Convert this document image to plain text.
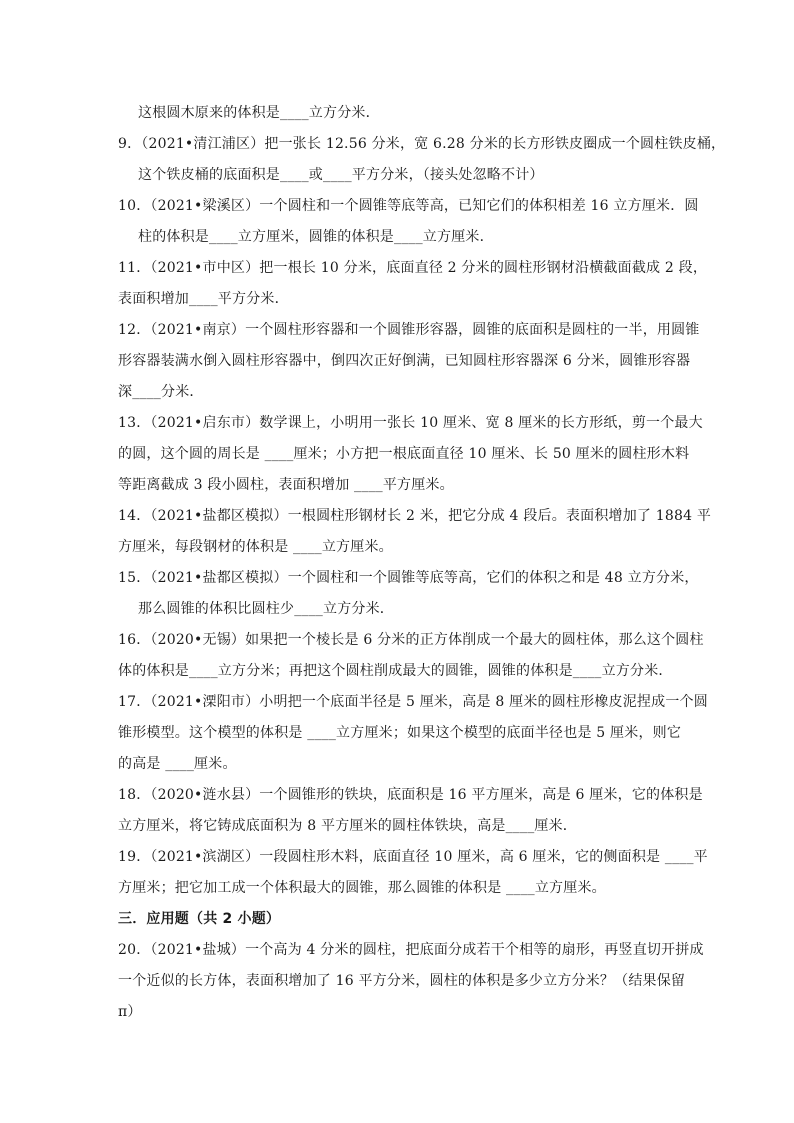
这根圆木原来的体积是____立方分米．
9．（2021•清江浦区）把一张长 12.56 分米，宽 6.28 分米的长方形铁皮圈成一个圆柱铁皮桶，
这个铁皮桶的底面积是____或____平方分米，（接头处忽略不计）
10．（2021•梁溪区）一个圆柱和一个圆锥等底等高，已知它们的体积相差 16 立方厘米．圆
柱的体积是____立方厘米，圆锥的体积是____立方厘米．
11．（2021•市中区）把一根长 10 分米，底面直径 2 分米的圆柱形钢材沿横截面截成 2 段，
表面积增加____平方分米．
12．（2021•南京）一个圆柱形容器和一个圆锥形容器，圆锥的底面积是圆柱的一半，用圆锥
形容器装满水倒入圆柱形容器中，倒四次正好倒满，已知圆柱形容器深 6 分米，圆锥形容器
深____分米．
13．（2021•启东市）数学课上，小明用一张长 10 厘米、宽 8 厘米的长方形纸，剪一个最大
的圆，这个圆的周长是 ____厘米；小方把一根底面直径 10 厘米、长 50 厘米的圆柱形木料
等距离截成 3 段小圆柱，表面积增加 ____平方厘米。
14．（2021•盐都区模拟）一根圆柱形钢材长 2 米，把它分成 4 段后。表面积增加了 1884 平
方厘米，每段钢材的体积是 ____立方厘米。
15．（2021•盐都区模拟）一个圆柱和一个圆锥等底等高，它们的体积之和是 48 立方分米，
那么圆锥的体积比圆柱少____立方分米．
16．（2020•无锡）如果把一个棱长是 6 分米的正方体削成一个最大的圆柱体，那么这个圆柱
体的体积是____立方分米；再把这个圆柱削成最大的圆锥，圆锥的体积是____立方分米．
17．（2021•溧阳市）小明把一个底面半径是 5 厘米，高是 8 厘米的圆柱形橡皮泥捏成一个圆
锥形模型。这个模型的体积是 ____立方厘米；如果这个模型的底面半径也是 5 厘米，则它
的高是 ____厘米。
18．（2020•涟水县）一个圆锥形的铁块，底面积是 16 平方厘米，高是 6 厘米，它的体积是
立方厘米，将它铸成底面积为 8 平方厘米的圆柱体铁块，高是____厘米．
19．（2021•滨湖区）一段圆柱形木料，底面直径 10 厘米，高 6 厘米，它的侧面积是 ____平
方厘米；把它加工成一个体积最大的圆锥，那么圆锥的体积是 ____立方厘米。
三．应用题（共 2 小题）
20．（2021•盐城）一个高为 4 分米的圆柱，把底面分成若干个相等的扇形，再竖直切开拼成
一个近似的长方体，表面积增加了 16 平方分米，圆柱的体积是多少立方分米？（结果保留
π）
